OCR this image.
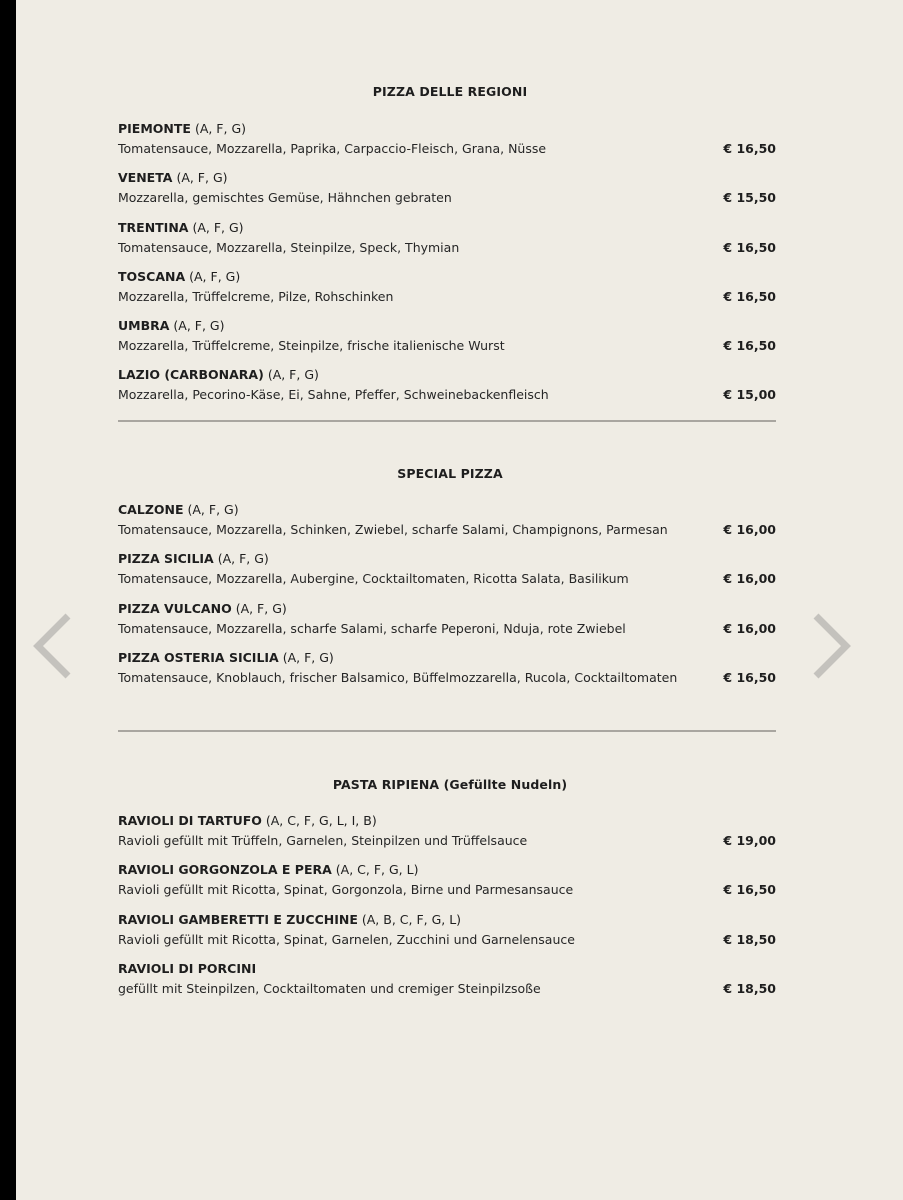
PIZZA DELLE REGIONI
PIEMONTE (A, F, G)
Tomatensauce, Mozzarella, Paprika, Carpaccio-Fleisch, Grana, Nüsse	€ 16,50
VENETA (A, F, G)
Mozzarella, gemischtes Gemüse, Hähnchen gebraten	€ 15,50
TRENTINA (A, F, G)
Tomatensauce, Mozzarella, Steinpilze, Speck, Thymian	€ 16,50
TOSCANA (A, F, G)
Mozzarella, Trüffelcreme, Pilze, Rohschinken	€ 16,50
UMBRA (A, F, G)
Mozzarella, Trüffelcreme, Steinpilze, frische italienische Wurst	€ 16,50
LAZIO (CARBONARA) (A, F, G)
Mozzarella, Pecorino-Käse, Ei, Sahne, Pfeffer, Schweinebackenfleisch	€ 15,00
SPECIAL PIZZA
CALZONE (A, F, G)
Tomatensauce, Mozzarella, Schinken, Zwiebel, scharfe Salami, Champignons, Parmesan	€ 16,00
PIZZA SICILIA (A, F, G)
Tomatensauce, Mozzarella, Aubergine, Cocktailtomaten, Ricotta Salata, Basilikum	€ 16,00
PIZZA VULCANO (A, F, G)
Tomatensauce, Mozzarella, scharfe Salami, scharfe Peperoni, Nduja, rote Zwiebel	€ 16,00
PIZZA OSTERIA SICILIA (A, F, G)
Tomatensauce, Knoblauch, frischer Balsamico, Büffelmozzarella, Rucola, Cocktailtomaten	€ 16,50
PASTA RIPIENA (Gefüllte Nudeln)
RAVIOLI DI TARTUFO (A, C, F, G, L, I, B)
Ravioli gefüllt mit Trüffeln, Garnelen, Steinpilzen und Trüffelsauce	€ 19,00
RAVIOLI GORGONZOLA E PERA (A, C, F, G, L)
Ravioli gefüllt mit Ricotta, Spinat, Gorgonzola, Birne und Parmesansauce	€ 16,50
RAVIOLI GAMBERETTI E ZUCCHINE (A, B, C, F, G, L)
Ravioli gefüllt mit Ricotta, Spinat, Garnelen, Zucchini und Garnelensauce	€ 18,50
RAVIOLI DI PORCINI
gefüllt mit Steinpilzen, Cocktailtomaten und cremiger Steinpilzsoße	€ 18,50
